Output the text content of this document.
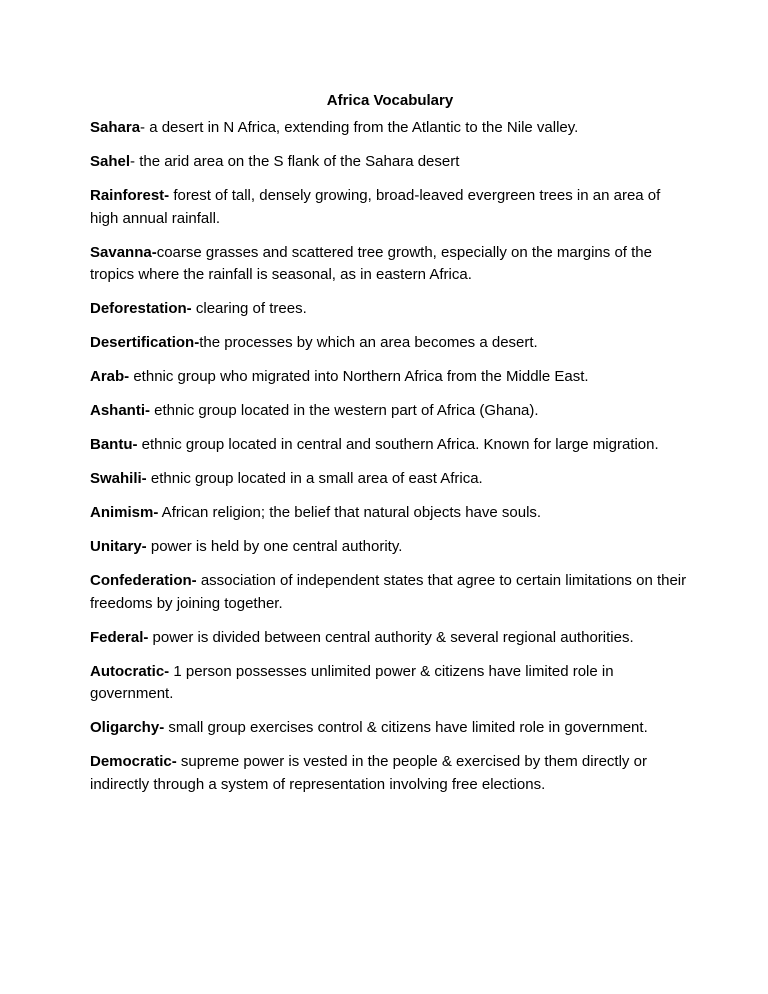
Africa Vocabulary

Sahara- a desert in N Africa, extending from the Atlantic to the Nile valley.

Sahel- the arid area on the S flank of the Sahara desert

Rainforest- forest of tall, densely growing, broad-leaved evergreen trees in an area of high annual rainfall.

Savanna-coarse grasses and scattered tree growth, especially on the margins of the tropics where the rainfall is seasonal, as in eastern Africa.

Deforestation- clearing of trees.

Desertification-the processes by which an area becomes a desert.

Arab- ethnic group who migrated into Northern Africa from the Middle East.

Ashanti- ethnic group located in the western part of Africa (Ghana).

Bantu- ethnic group located in central and southern Africa. Known for large migration.

Swahili- ethnic group located in a small area of east Africa.

Animism- African religion; the belief that natural objects have souls.

Unitary- power is held by one central authority.

Confederation- association of independent states that agree to certain limitations on their freedoms by joining together.

Federal- power is divided between central authority & several regional authorities.

Autocratic- 1 person possesses unlimited power & citizens have limited role in government.

Oligarchy- small group exercises control & citizens have limited role in government.

Democratic- supreme power is vested in the people & exercised by them directly or indirectly through a system of representation involving free elections.
